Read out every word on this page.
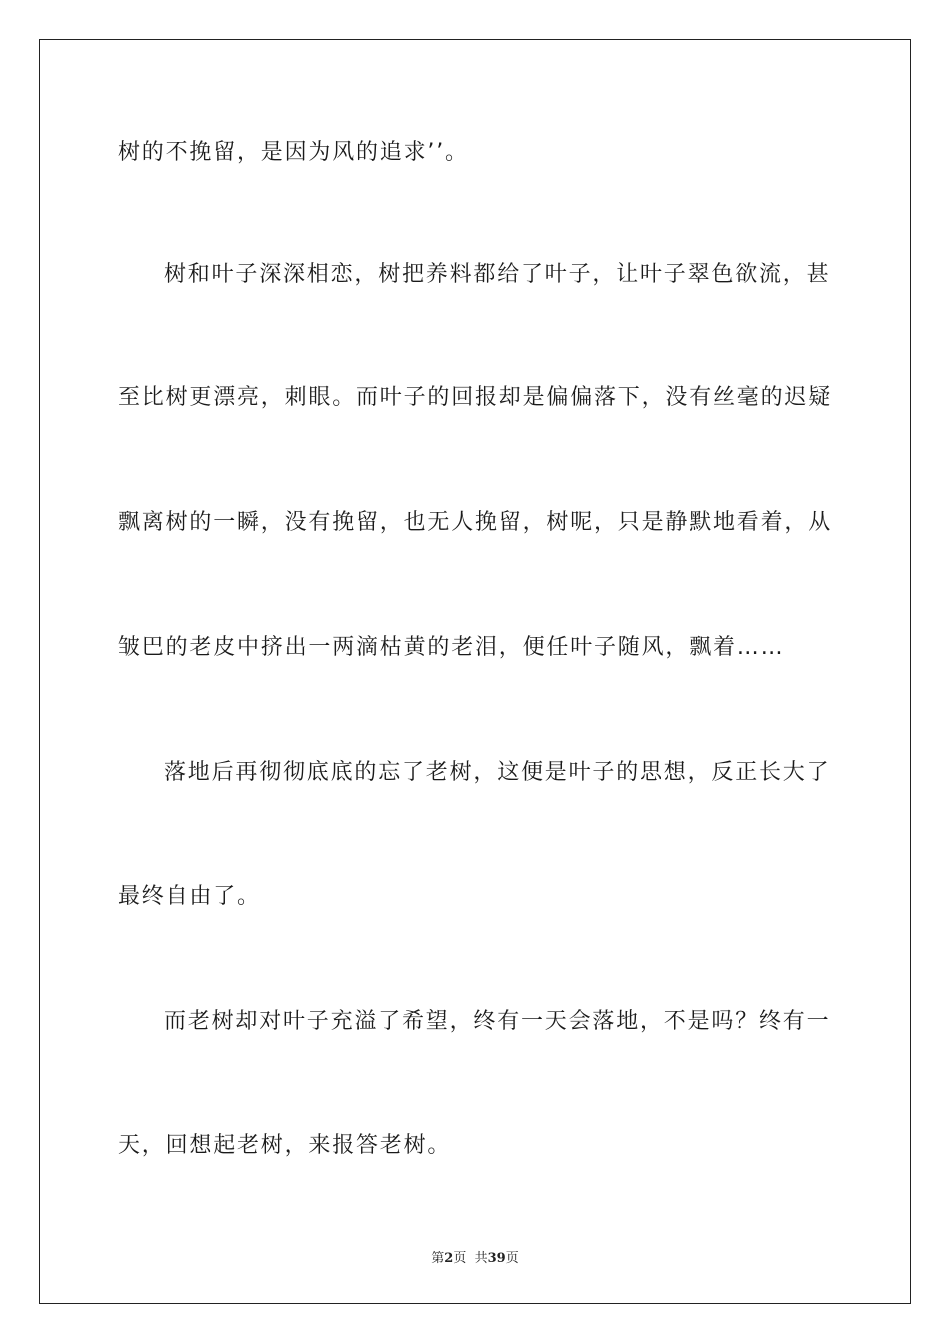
树的不挽留，是因为风的追求’’。
树和叶子深深相恋，树把养料都给了叶子，让叶子翠色欲流，甚
至比树更漂亮，刺眼。而叶子的回报却是偏偏落下，没有丝毫的迟疑
飘离树的一瞬，没有挽留，也无人挽留，树呢，只是静默地看着，从
皱巴的老皮中挤出一两滴枯黄的老泪，便任叶子随风，飘着……
落地后再彻彻底底的忘了老树，这便是叶子的思想，反正长大了
最终自由了。
而老树却对叶子充溢了希望，终有一天会落地，不是吗？终有一
天，回想起老树，来报答老树。
第2页  共39页
